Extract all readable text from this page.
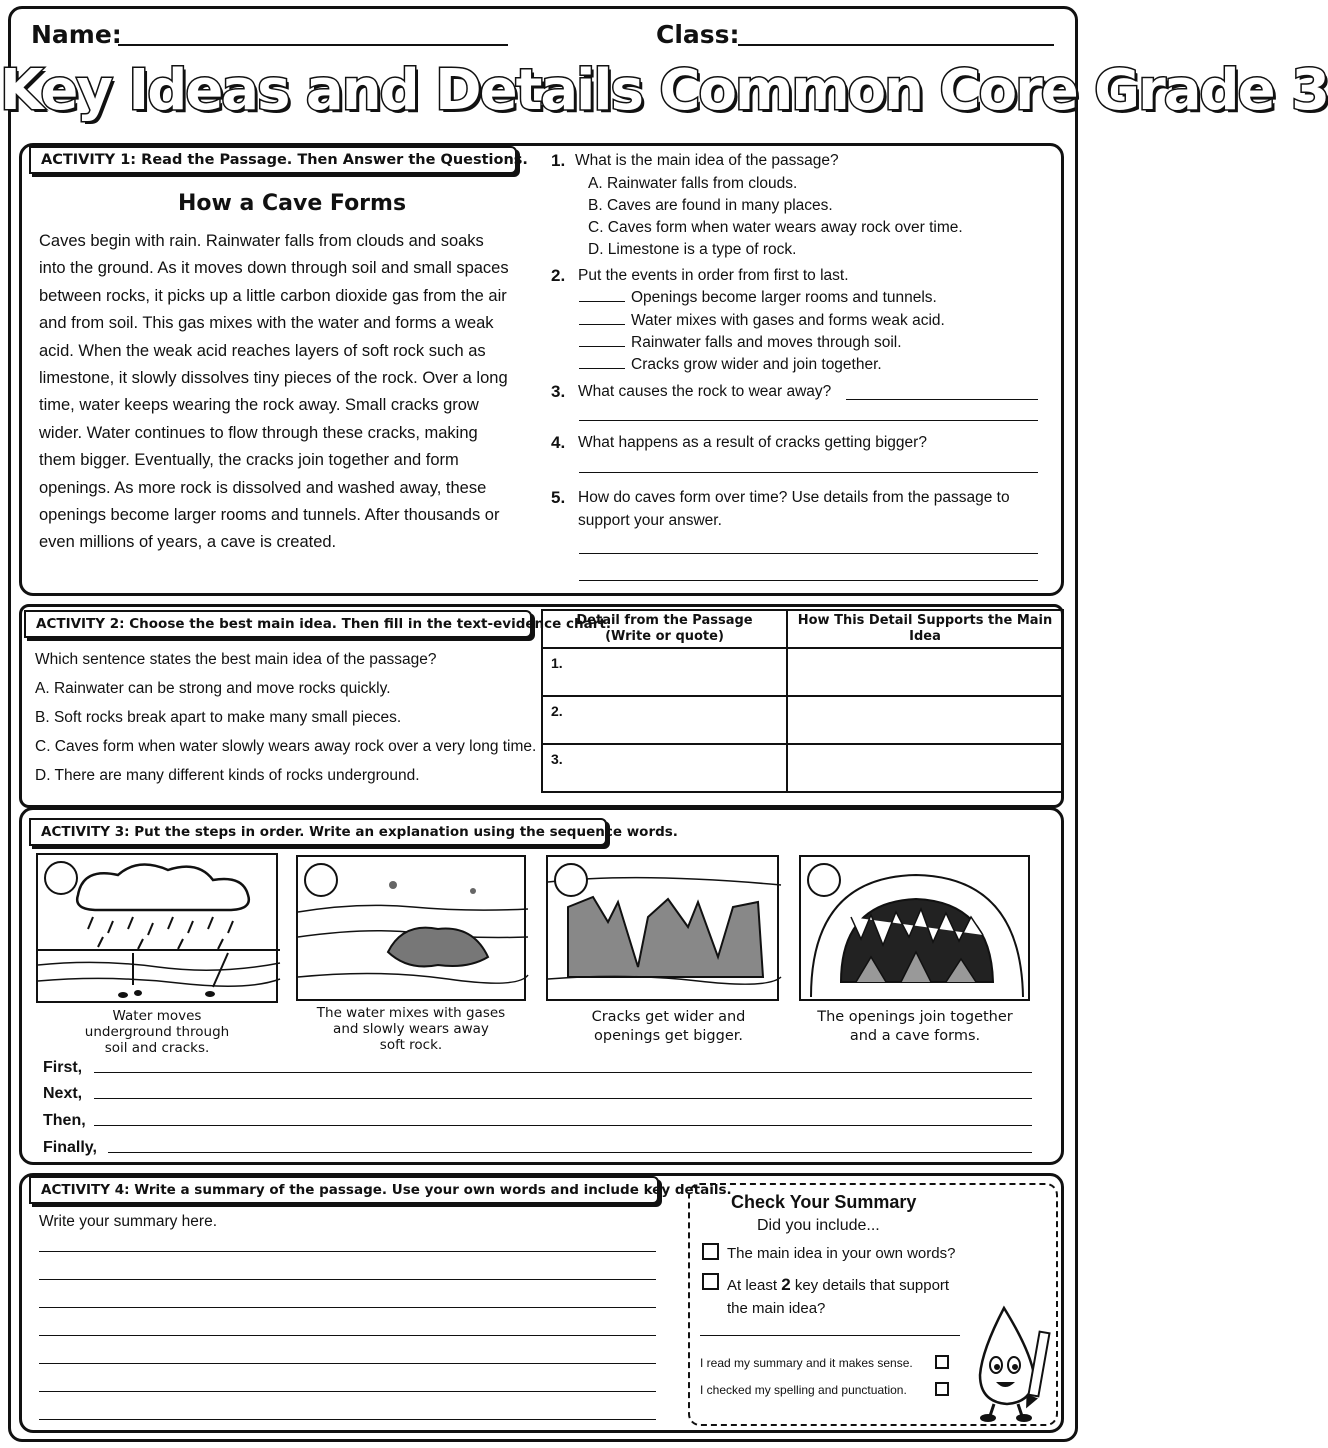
Name:	Class:
Key Ideas and Details Common Core Grade 3
ACTIVITY 1: Read the Passage. Then Answer the Questions.
How a Cave Forms
Caves begin with rain. Rainwater falls from clouds and soaks into the ground. As it moves down through soil and small spaces between rocks, it picks up a little carbon dioxide gas from the air and from soil. This gas mixes with the water and forms a weak acid. When the weak acid reaches layers of soft rock such as limestone, it slowly dissolves tiny pieces of the rock. Over a long time, water keeps wearing the rock away. Small cracks grow wider. Water continues to flow through these cracks, making them bigger. Eventually, the cracks join together and form openings. As more rock is dissolved and washed away, these openings become larger rooms and tunnels. After thousands or even millions of years, a cave is created.
1. What is the main idea of the passage?
A. Rainwater falls from clouds.
B. Caves are found in many places.
C. Caves form when water wears away rock over time.
D. Limestone is a type of rock.
2. Put the events in order from first to last.
Openings become larger rooms and tunnels.
Water mixes with gases and forms weak acid.
Rainwater falls and moves through soil.
Cracks grow wider and join together.
3. What causes the rock to wear away?
4. What happens as a result of cracks getting bigger?
5. How do caves form over time? Use details from the passage to
support your answer.
ACTIVITY 2: Choose the best main idea. Then fill in the text-evidence chart.
Which sentence states the best main idea of the passage?
A. Rainwater can be strong and move rocks quickly.
B. Soft rocks break apart to make many small pieces.
C. Caves form when water slowly wears away rock over a very long time.
D. There are many different kinds of rocks underground.
Detail from the Passage
(Write or quote)	How This Detail Supports the Main Idea
1.	
2.	
3.	
ACTIVITY 3: Put the steps in order. Write an explanation using the sequence words.
Water moves
underground through
soil and cracks.
The water mixes with gases
and slowly wears away
soft rock.
Cracks get wider and
openings get bigger.
The openings join together
and a cave forms.
First,
Next,
Then,
Finally,
ACTIVITY 4: Write a summary of the passage. Use your own words and include key details.
Write your summary here.
Check Your Summary
Did you include...
The main idea in your own words?
At least 2 key details that support
the main idea?
I read my summary and it makes sense.
I checked my spelling and punctuation.
